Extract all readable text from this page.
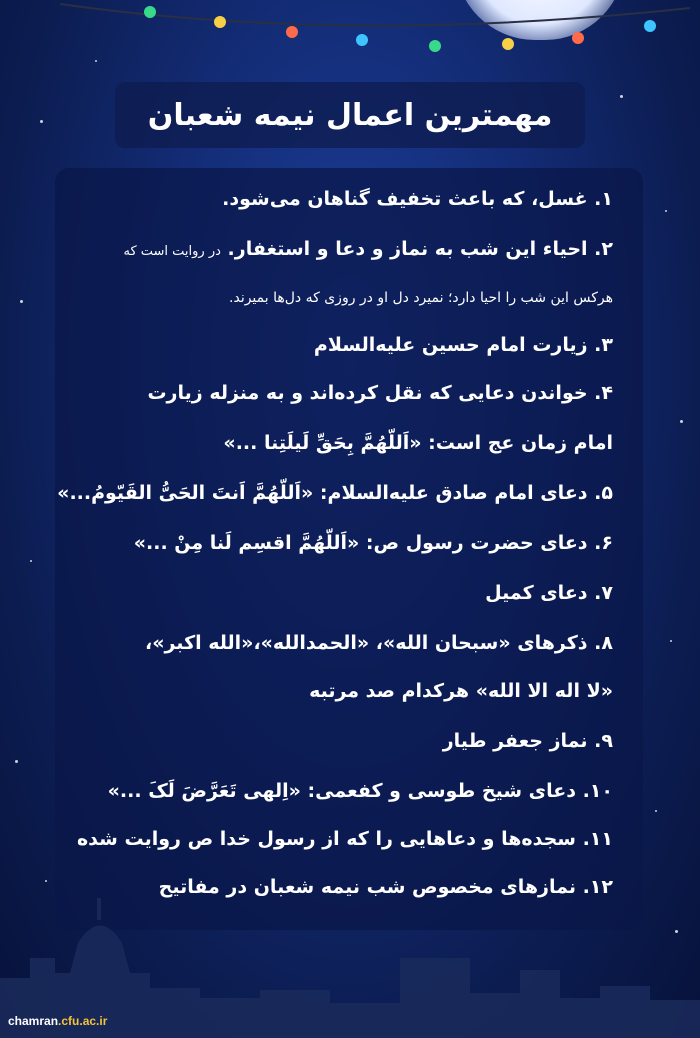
مهمترین اعمال نیمه شعبان
۱. غسل، که باعث تخفیف گناهان می‌شود.
۲. احیاء این شب به نماز و دعا و استغفار. در روایت است که
هرکس این شب را احیا دارد؛ نمیرد دل او در روزی که دل‌ها بمیرند.
۳. زیارت امام حسین علیه‌السلام
۴. خواندن دعایی که نقل کرده‌اند و به منزله زیارت
امام زمان عج است: «اَللّهُمَّ بِحَقِّ لَیلَتِنا ...»
۵. دعای امام صادق علیه‌السلام: «اَللّهُمَّ اَنتَ الحَیُّ القَیّومُ...»
۶. دعای حضرت رسول ص: «اَللّهُمَّ اقسِم لَنا مِنْ ...»
۷. دعای کمیل
۸. ذکرهای «سبحان الله»، «الحمدالله»،«الله اکبر»،
«لا اله الا الله» هرکدام صد مرتبه
۹. نماز جعفر طیار
۱۰. دعای شیخ طوسی و کفعمی: «اِلهی تَعَرَّضَ لَکَ ...»
۱۱. سجده‌ها و دعاهایی را که از رسول خدا ص روایت شده
۱۲. نمازهای مخصوص شب نیمه شعبان در مفاتیح
chamran .cfu.ac.ir
